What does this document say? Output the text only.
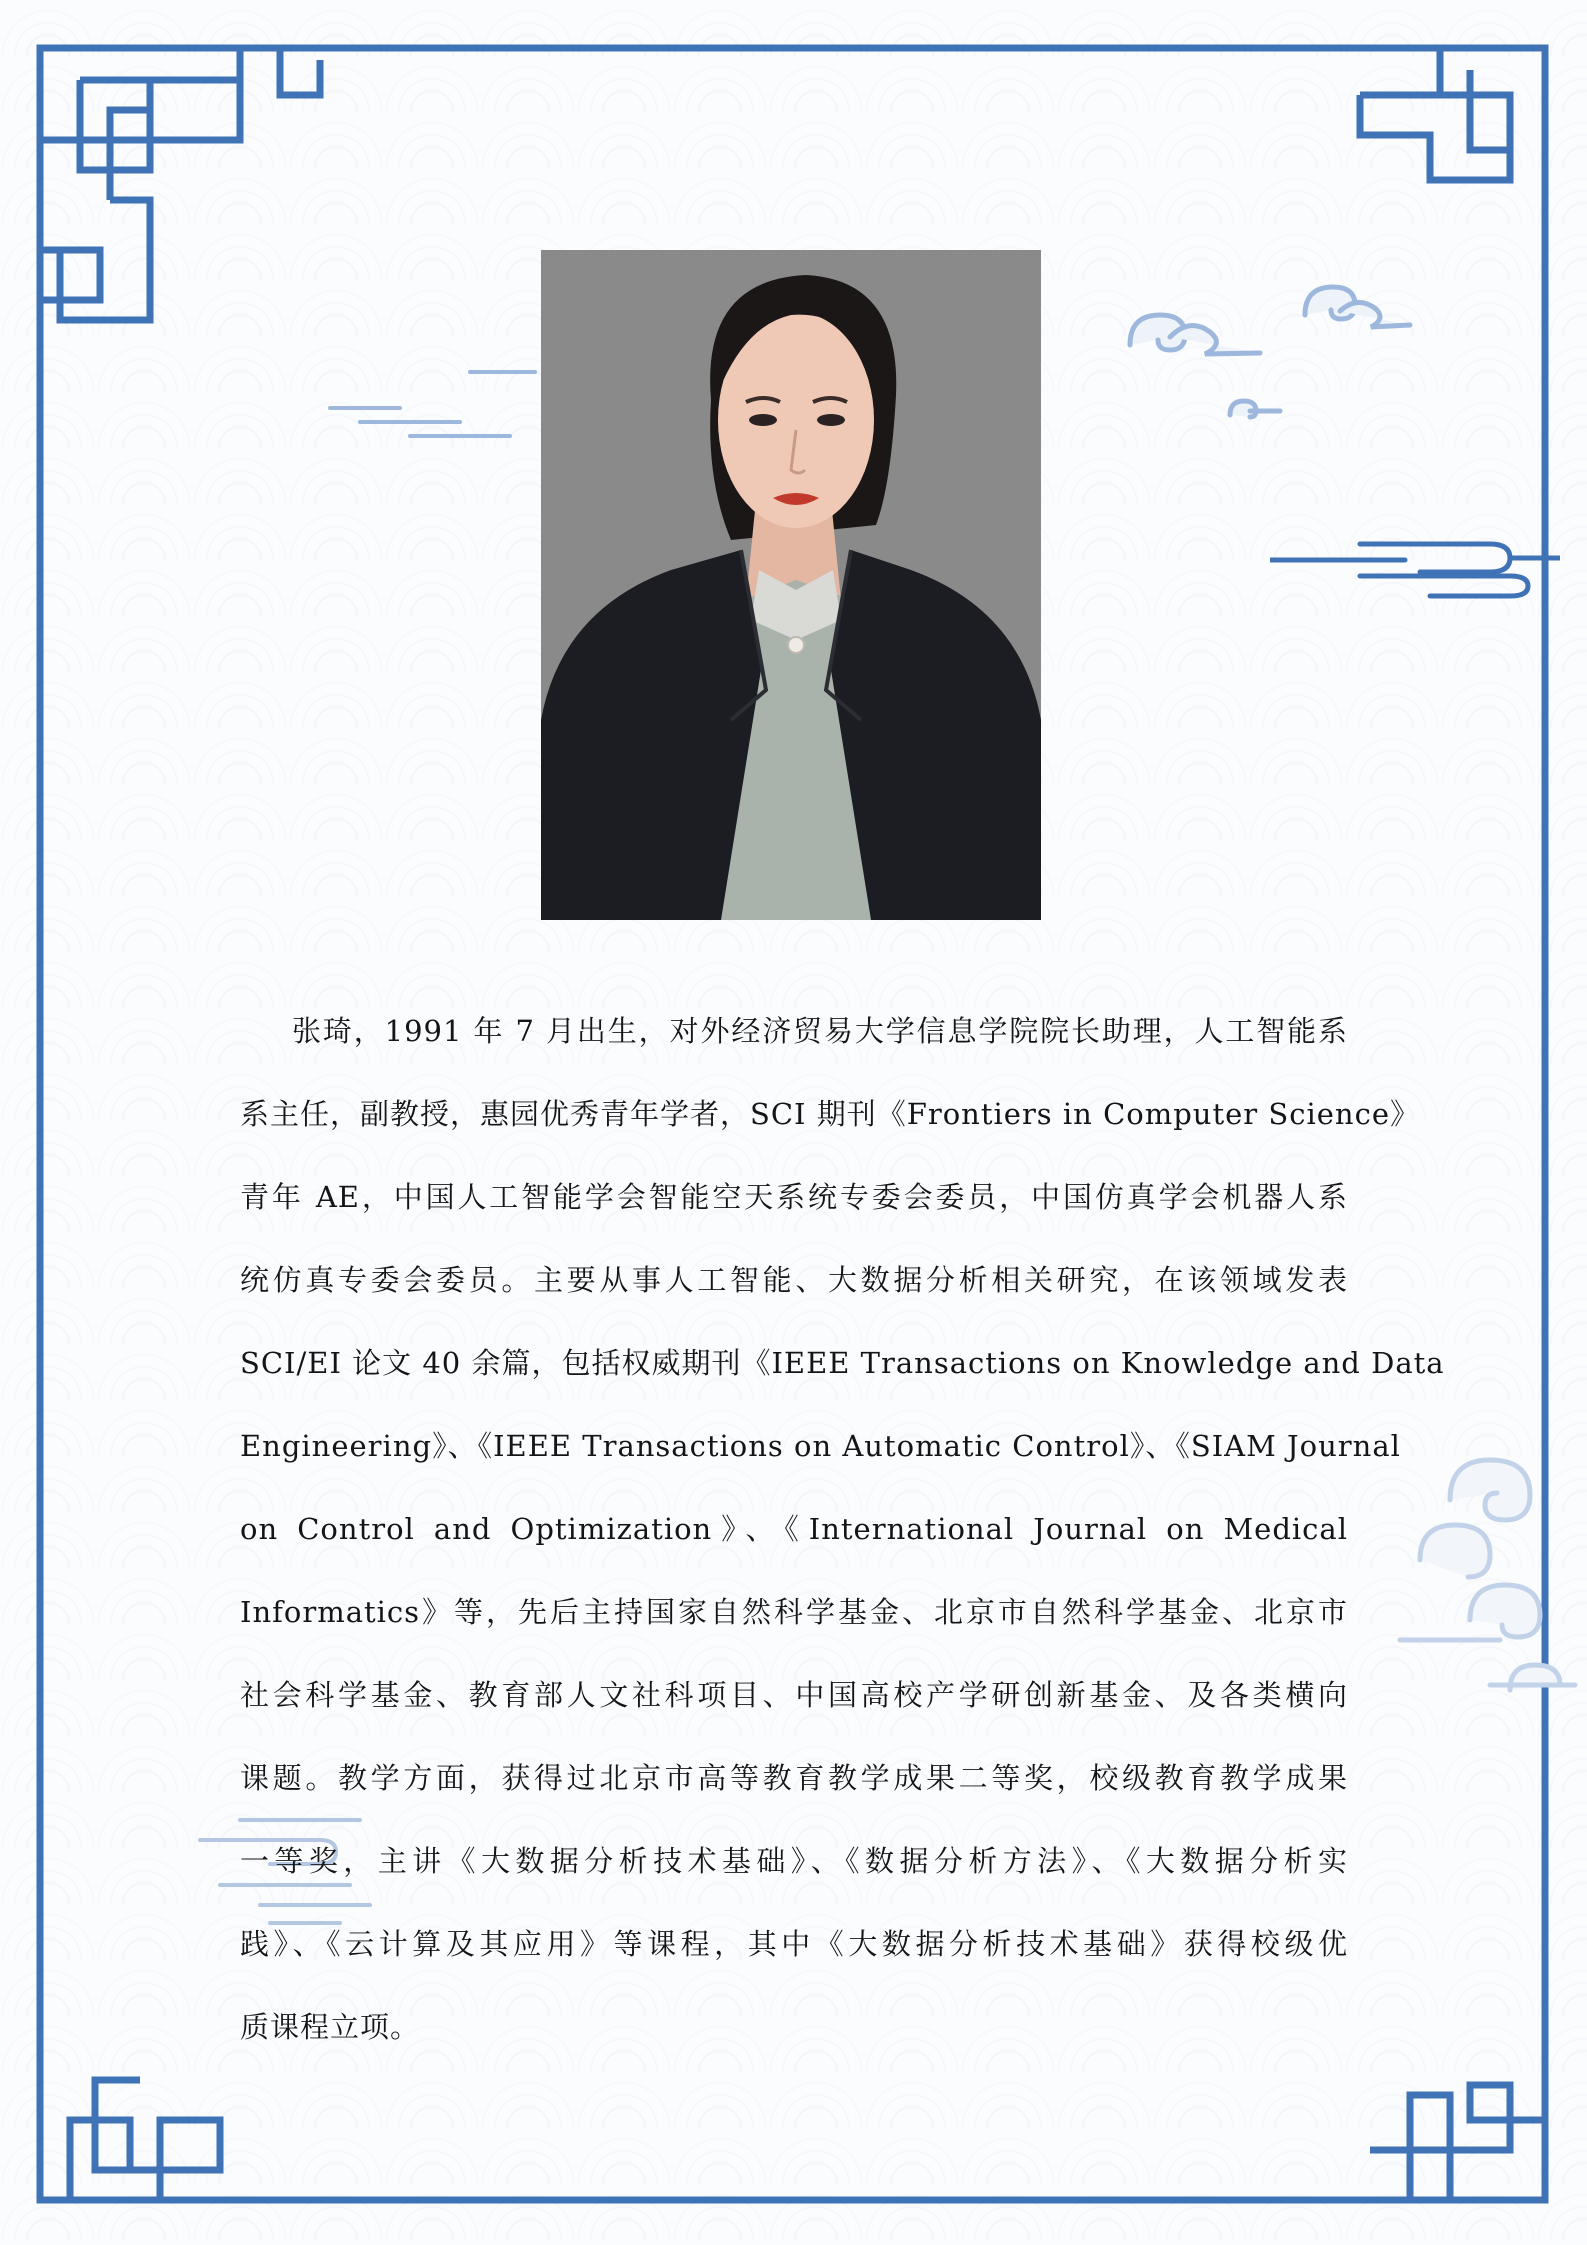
张琦，1991 年 7 月出生，对外经济贸易大学信息学院院长助理，人工智能系
系主任，副教授，惠园优秀青年学者，SCI 期刊《Frontiers in Computer Science》
青年 AE，中国人工智能学会智能空天系统专委会委员，中国仿真学会机器人系
统仿真专委会委员。主要从事人工智能、大数据分析相关研究，在该领域发表
SCI/EI 论文 40 余篇，包括权威期刊《IEEE Transactions on Knowledge and Data
Engineering》、《IEEE Transactions on Automatic Control》、《SIAM Journal
on Control and Optimization》、《International Journal on Medical
Informatics》等，先后主持国家自然科学基金、北京市自然科学基金、北京市
社会科学基金、教育部人文社科项目、中国高校产学研创新基金、及各类横向
课题。教学方面，获得过北京市高等教育教学成果二等奖，校级教育教学成果
一等奖，主讲《大数据分析技术基础》、《数据分析方法》、《大数据分析实
践》、《云计算及其应用》等课程，其中《大数据分析技术基础》获得校级优
质课程立项。
